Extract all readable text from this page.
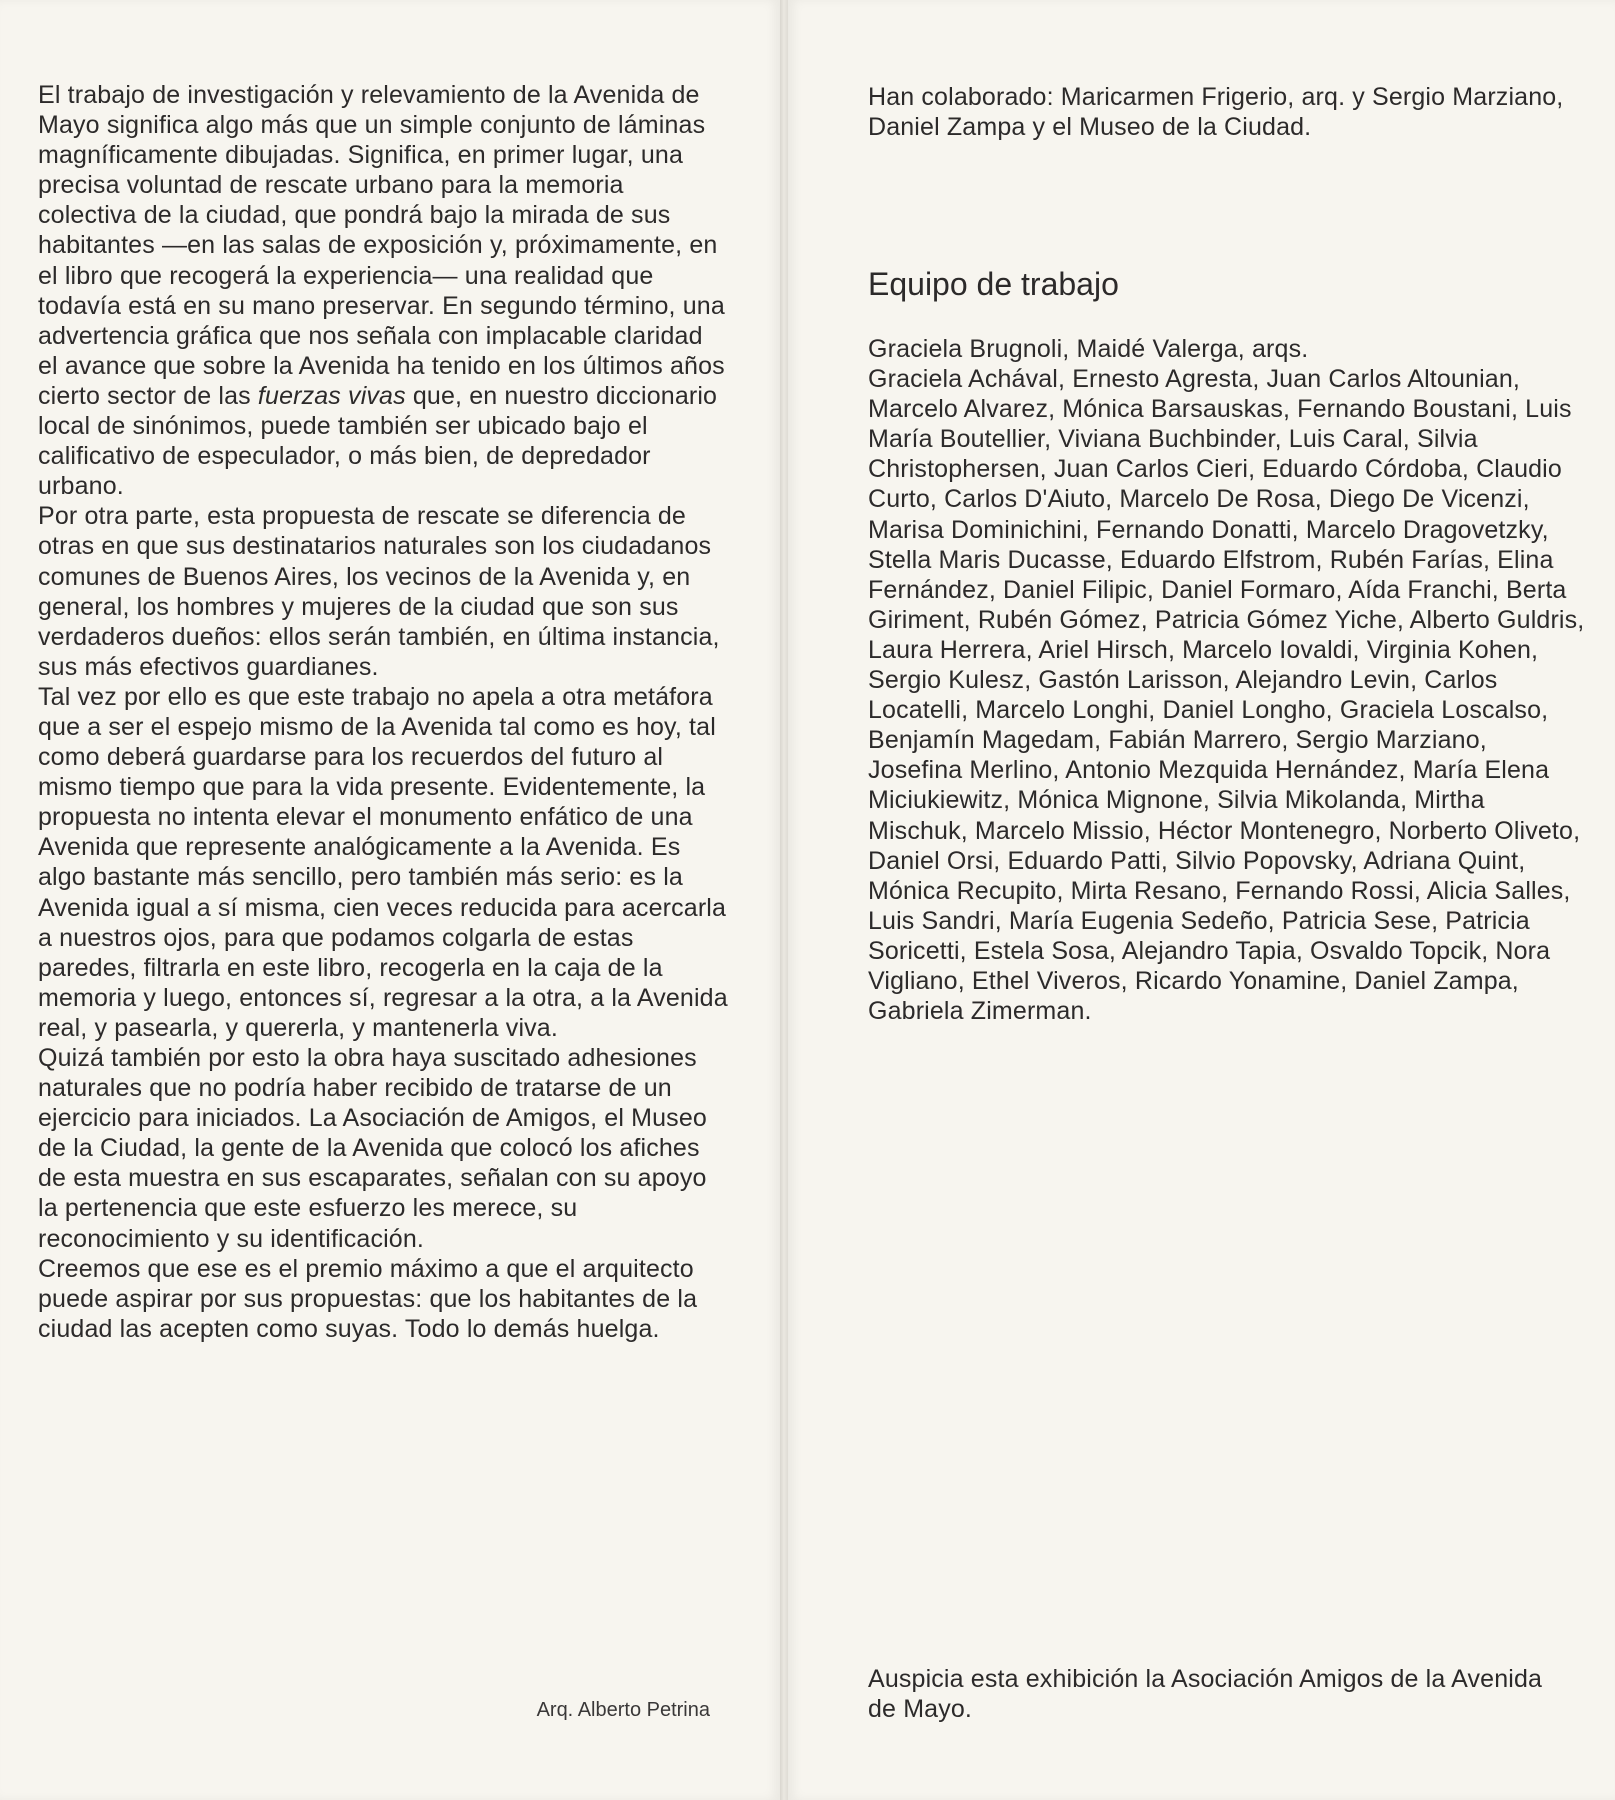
El trabajo de investigación y relevamiento de la Avenida de Mayo significa algo más que un simple conjunto de láminas magníficamente dibujadas. Significa, en primer lugar, una precisa voluntad de rescate urbano para la memoria colectiva de la ciudad, que pondrá bajo la mirada de sus habitantes —en las salas de exposición y, próximamente, en el libro que recogerá la experiencia— una realidad que todavía está en su mano preservar. En segundo término, una advertencia gráfica que nos señala con implacable claridad el avance que sobre la Avenida ha tenido en los últimos años cierto sector de las fuerzas vivas que, en nuestro diccionario local de sinónimos, puede también ser ubicado bajo el calificativo de especulador, o más bien, de depredador urbano.

Por otra parte, esta propuesta de rescate se diferencia de otras en que sus destinatarios naturales son los ciudadanos comunes de Buenos Aires, los vecinos de la Avenida y, en general, los hombres y mujeres de la ciudad que son sus verdaderos dueños: ellos serán también, en última instancia, sus más efectivos guardianes.

Tal vez por ello es que este trabajo no apela a otra metáfora que a ser el espejo mismo de la Avenida tal como es hoy, tal como deberá guardarse para los recuerdos del futuro al mismo tiempo que para la vida presente. Evidentemente, la propuesta no intenta elevar el monumento enfático de una Avenida que represente analógicamente a la Avenida. Es algo bastante más sencillo, pero también más serio: es la Avenida igual a sí misma, cien veces reducida para acercarla a nuestros ojos, para que podamos colgarla de estas paredes, filtrarla en este libro, recogerla en la caja de la memoria y luego, entonces sí, regresar a la otra, a la Avenida real, y pasearla, y quererla, y mantenerla viva.

Quizá también por esto la obra haya suscitado adhesiones naturales que no podría haber recibido de tratarse de un ejercicio para iniciados. La Asociación de Amigos, el Museo de la Ciudad, la gente de la Avenida que colocó los afiches de esta muestra en sus escaparates, señalan con su apoyo la pertenencia que este esfuerzo les merece, su reconocimiento y su identificación.

Creemos que ese es el premio máximo a que el arquitecto puede aspirar por sus propuestas: que los habitantes de la ciudad las acepten como suyas. Todo lo demás huelga.

Arq. Alberto Petrina

Han colaborado: Maricarmen Frigerio, arq. y Sergio Marziano, Daniel Zampa y el Museo de la Ciudad.

Equipo de trabajo

Graciela Brugnoli, Maidé Valerga, arqs.
Graciela Achával, Ernesto Agresta, Juan Carlos Altounian, Marcelo Alvarez, Mónica Barsauskas, Fernando Boustani, Luis María Boutellier, Viviana Buchbinder, Luis Caral, Silvia Christophersen, Juan Carlos Cieri, Eduardo Córdoba, Claudio Curto, Carlos D'Aiuto, Marcelo De Rosa, Diego De Vicenzi, Marisa Dominichini, Fernando Donatti, Marcelo Dragovetzky, Stella Maris Ducasse, Eduardo Elfstrom, Rubén Farías, Elina Fernández, Daniel Filipic, Daniel Formaro, Aída Franchi, Berta Giriment, Rubén Gómez, Patricia Gómez Yiche, Alberto Guldris, Laura Herrera, Ariel Hirsch, Marcelo Iovaldi, Virginia Kohen, Sergio Kulesz, Gastón Larisson, Alejandro Levin, Carlos Locatelli, Marcelo Longhi, Daniel Longho, Graciela Loscalso, Benjamín Magedam, Fabián Marrero, Sergio Marziano, Josefina Merlino, Antonio Mezquida Hernández, María Elena Miciukiewitz, Mónica Mignone, Silvia Mikolanda, Mirtha Mischuk, Marcelo Missio, Héctor Montenegro, Norberto Oliveto, Daniel Orsi, Eduardo Patti, Silvio Popovsky, Adriana Quint, Mónica Recupito, Mirta Resano, Fernando Rossi, Alicia Salles, Luis Sandri, María Eugenia Sedeño, Patricia Sese, Patricia Soricetti, Estela Sosa, Alejandro Tapia, Osvaldo Topcik, Nora Vigliano, Ethel Viveros, Ricardo Yonamine, Daniel Zampa, Gabriela Zimerman.

Auspicia esta exhibición la Asociación Amigos de la Avenida de Mayo.
